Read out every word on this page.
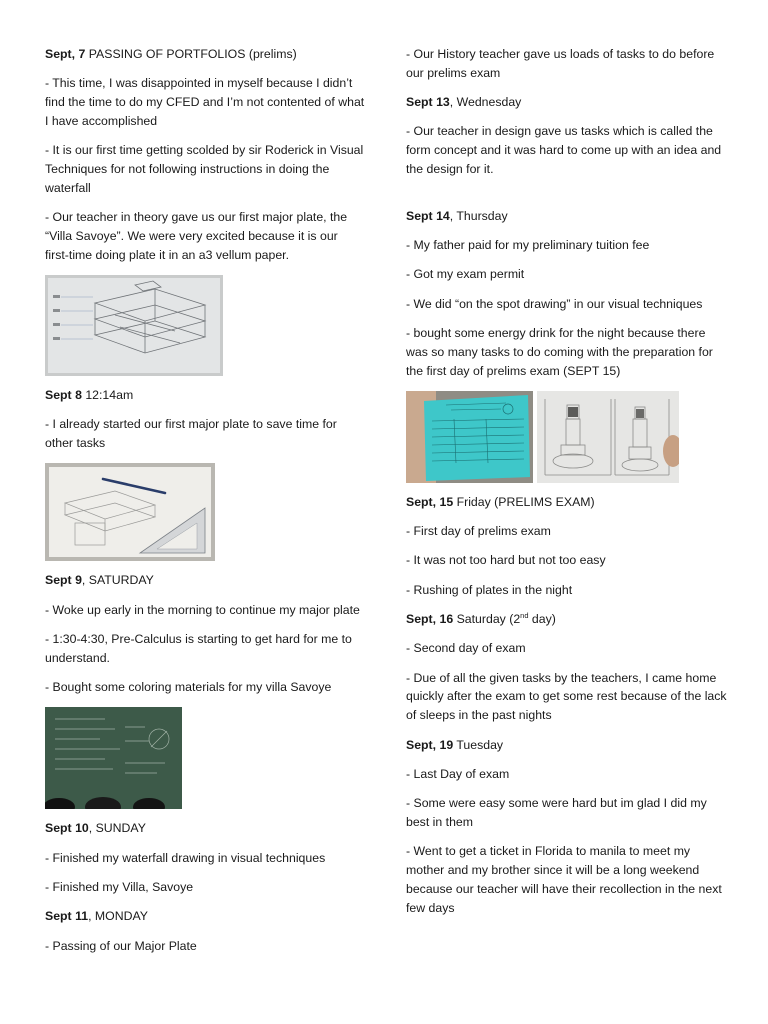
Sept, 7 PASSING OF PORTFOLIOS (prelims)

- This time, I was disappointed in myself because I didn’t find the time to do my CFED and I’m not contented of what I have accomplished

- It is our first time getting scolded by sir Roderick in Visual Techniques for not following instructions in doing the waterfall

- Our teacher in theory gave us our first major plate, the “Villa Savoye”. We were very excited because it is our first-time doing plate it in an a3 vellum paper.

Sept 8 12:14am

- I already started our first major plate to save time for other tasks

Sept 9, SATURDAY

- Woke up early in the morning to continue my major plate

- 1:30-4:30, Pre-Calculus is starting to get hard for me to understand.

- Bought some coloring materials for my villa Savoye

Sept 10, SUNDAY

- Finished my waterfall drawing in visual techniques

- Finished my Villa, Savoye

Sept 11, MONDAY

- Passing of our Major Plate

- Our History teacher gave us loads of tasks to do before our prelims exam

Sept 13, Wednesday

- Our teacher in design gave us tasks which is called the form concept and it was hard to come up with an idea and the design for it.

Sept 14, Thursday

- My father paid for my preliminary tuition fee

- Got my exam permit

- We did “on the spot drawing” in our visual techniques

- bought some energy drink for the night because there was so many tasks to do coming with the preparation for the first day of prelims exam (SEPT 15)

Sept, 15 Friday (PRELIMS EXAM)

- First day of prelims exam

- It was not too hard but not too easy

- Rushing of plates in the night

Sept, 16 Saturday (2nd day)

- Second day of exam

- Due of all the given tasks by the teachers, I came home quickly after the exam to get some rest because of the lack of sleeps in the past nights

Sept, 19 Tuesday

- Last Day of exam

- Some were easy some were hard but im glad I did my best in them

- Went to get a ticket in Florida to manila to meet my mother and my brother since it will be a long weekend because our teacher will have their recollection in the next few days
